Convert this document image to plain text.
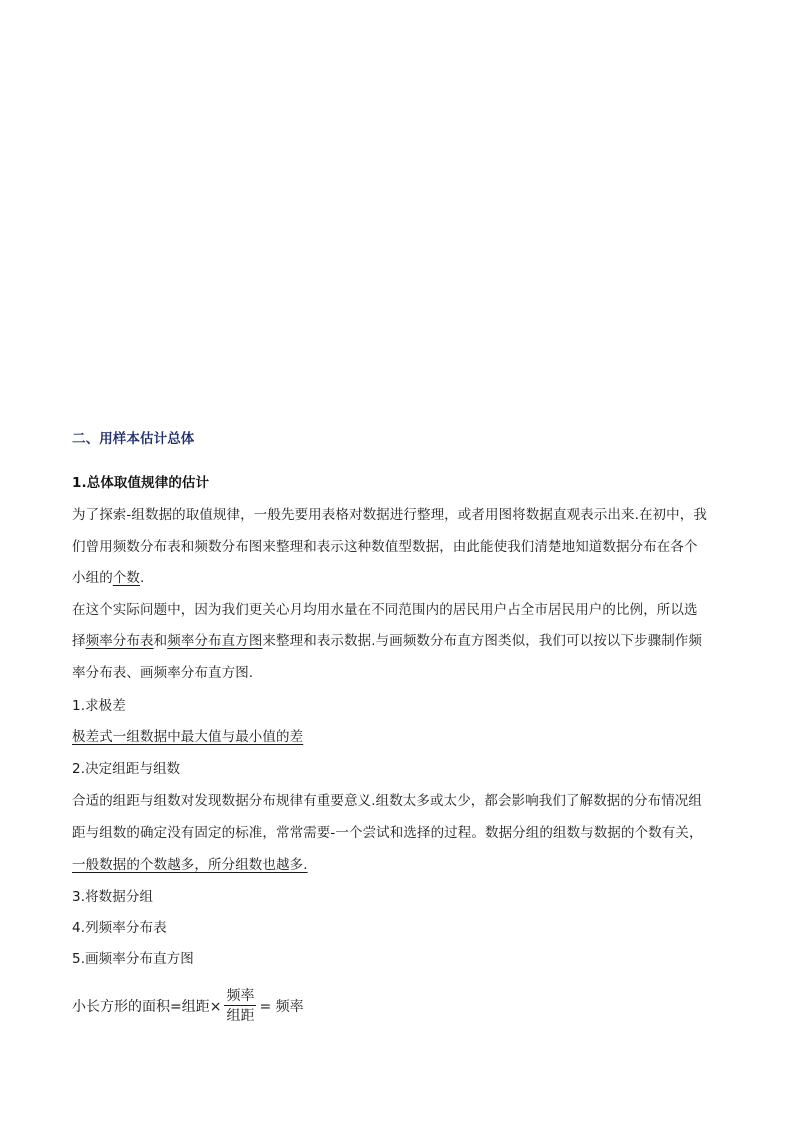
二、用样本估计总体
1.总体取值规律的估计
为了探索-组数据的取值规律，一般先要用表格对数据进行整理，或者用图将数据直观表示出来.在初中，我
们曾用频数分布表和频数分布图来整理和表示这种数值型数据，由此能使我们清楚地知道数据分布在各个
小组的个数.
在这个实际问题中，因为我们更关心月均用水量在不同范围内的居民用户占全市居民用户的比例，所以选
择频率分布表和频率分布直方图来整理和表示数据.与画频数分布直方图类似，我们可以按以下步骤制作频
率分布表、画频率分布直方图.
1.求极差
极差式一组数据中最大值与最小值的差
2.决定组距与组数
合适的组距与组数对发现数据分布规律有重要意义.组数太多或太少，都会影响我们了解数据的分布情况组
距与组数的确定没有固定的标准，常常需要-一个尝试和选择的过程。数据分组的组数与数据的个数有关，
一般数据的个数越多，所分组数也越多.
3.将数据分组
4.列频率分布表
5.画频率分布直方图
小长方形的面积=组距× $\frac{\text{频率}}{\text{组距}}$ = 频率
